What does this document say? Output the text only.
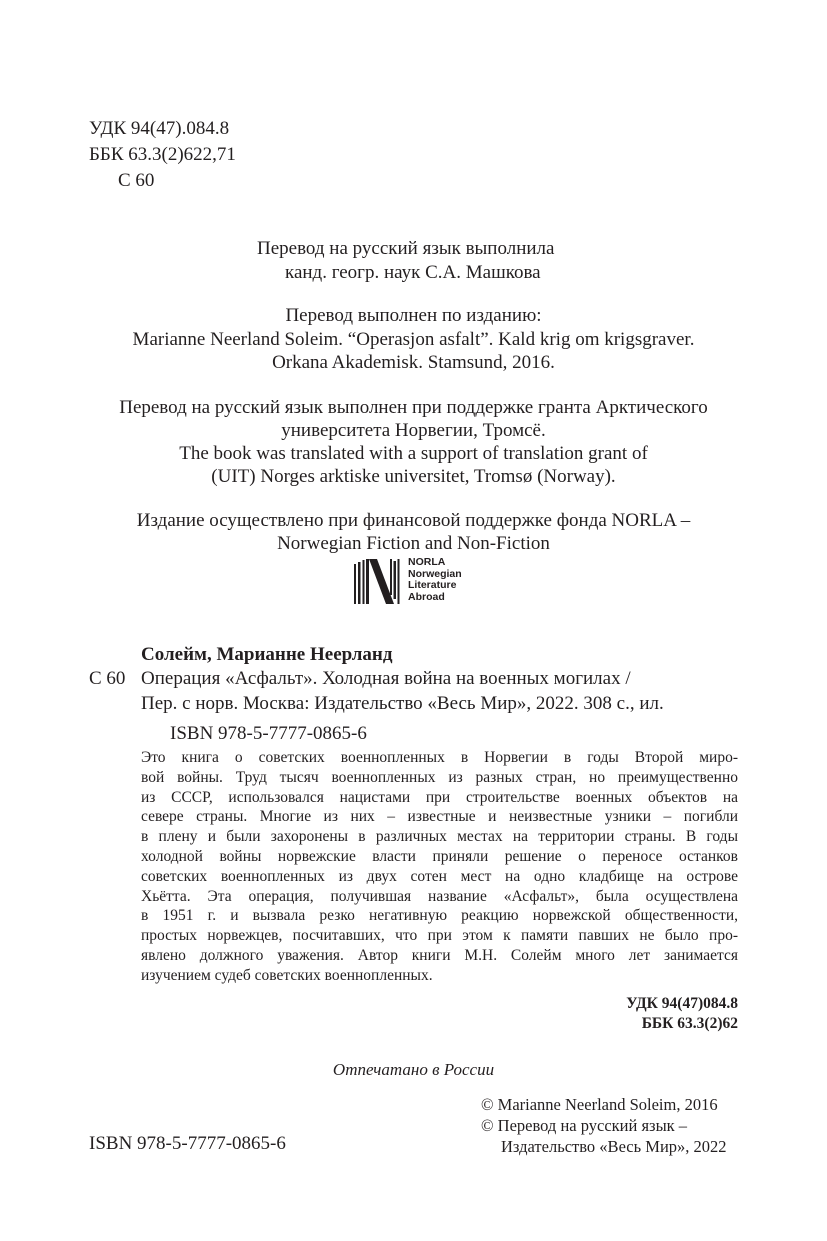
УДК 94(47).084.8
ББК 63.3(2)622,71
С 60
Перевод на русский язык выполнила
канд. геогр. наук С.А. Машкова
Перевод выполнен по изданию:
Marianne Neerland Soleim. “Operasjon asfalt”. Kald krig om krigsgraver.
Orkana Akademisk. Stamsund, 2016.
Перевод на русский язык выполнен при поддержке гранта Арктического
университета Норвегии, Тромсё.
The book was translated with a support of translation grant of
(UIT) Norges arktiske universitet, Tromsø (Norway).
Издание осуществлено при финансовой поддержке фонда NORLA –
Norwegian Fiction and Non-Fiction
NORLA
Norwegian
Literature
Abroad
Солейм, Марианне Неерланд
С 60 Операция «Асфальт». Холодная война на военных могилах /
Пер. с норв. Москва: Издательство «Весь Мир», 2022. 308 с., ил.
ISBN 978-5-7777-0865-6

Это книга о советских военнопленных в Норвегии в годы Второй миро-

вой войны. Труд тысяч военнопленных из разных стран, но преимущественно

из СССР, использовался нацистами при строительстве военных объектов на

севере страны. Многие из них – известные и неизвестные узники – погибли

в плену и были захоронены в различных местах на территории страны. В годы

холодной войны норвежские власти приняли решение о переносе останков

советских военнопленных из двух сотен мест на одно кладбище на острове

Хьётта. Эта операция, получившая название «Асфальт», была осуществлена

в 1951 г. и вызвала резко негативную реакцию норвежской общественности,

простых норвежцев, посчитавших, что при этом к памяти павших не было про-

явлено должного уважения. Автор книги М.Н. Солейм много лет занимается

изучением судеб советских военнопленных.

УДК 94(47)084.8
ББК 63.3(2)62
Отпечатано в России
ISBN 978-5-7777-0865-6
© Marianne Neerland Soleim, 2016
© Перевод на русский язык –
Издательство «Весь Мир», 2022
